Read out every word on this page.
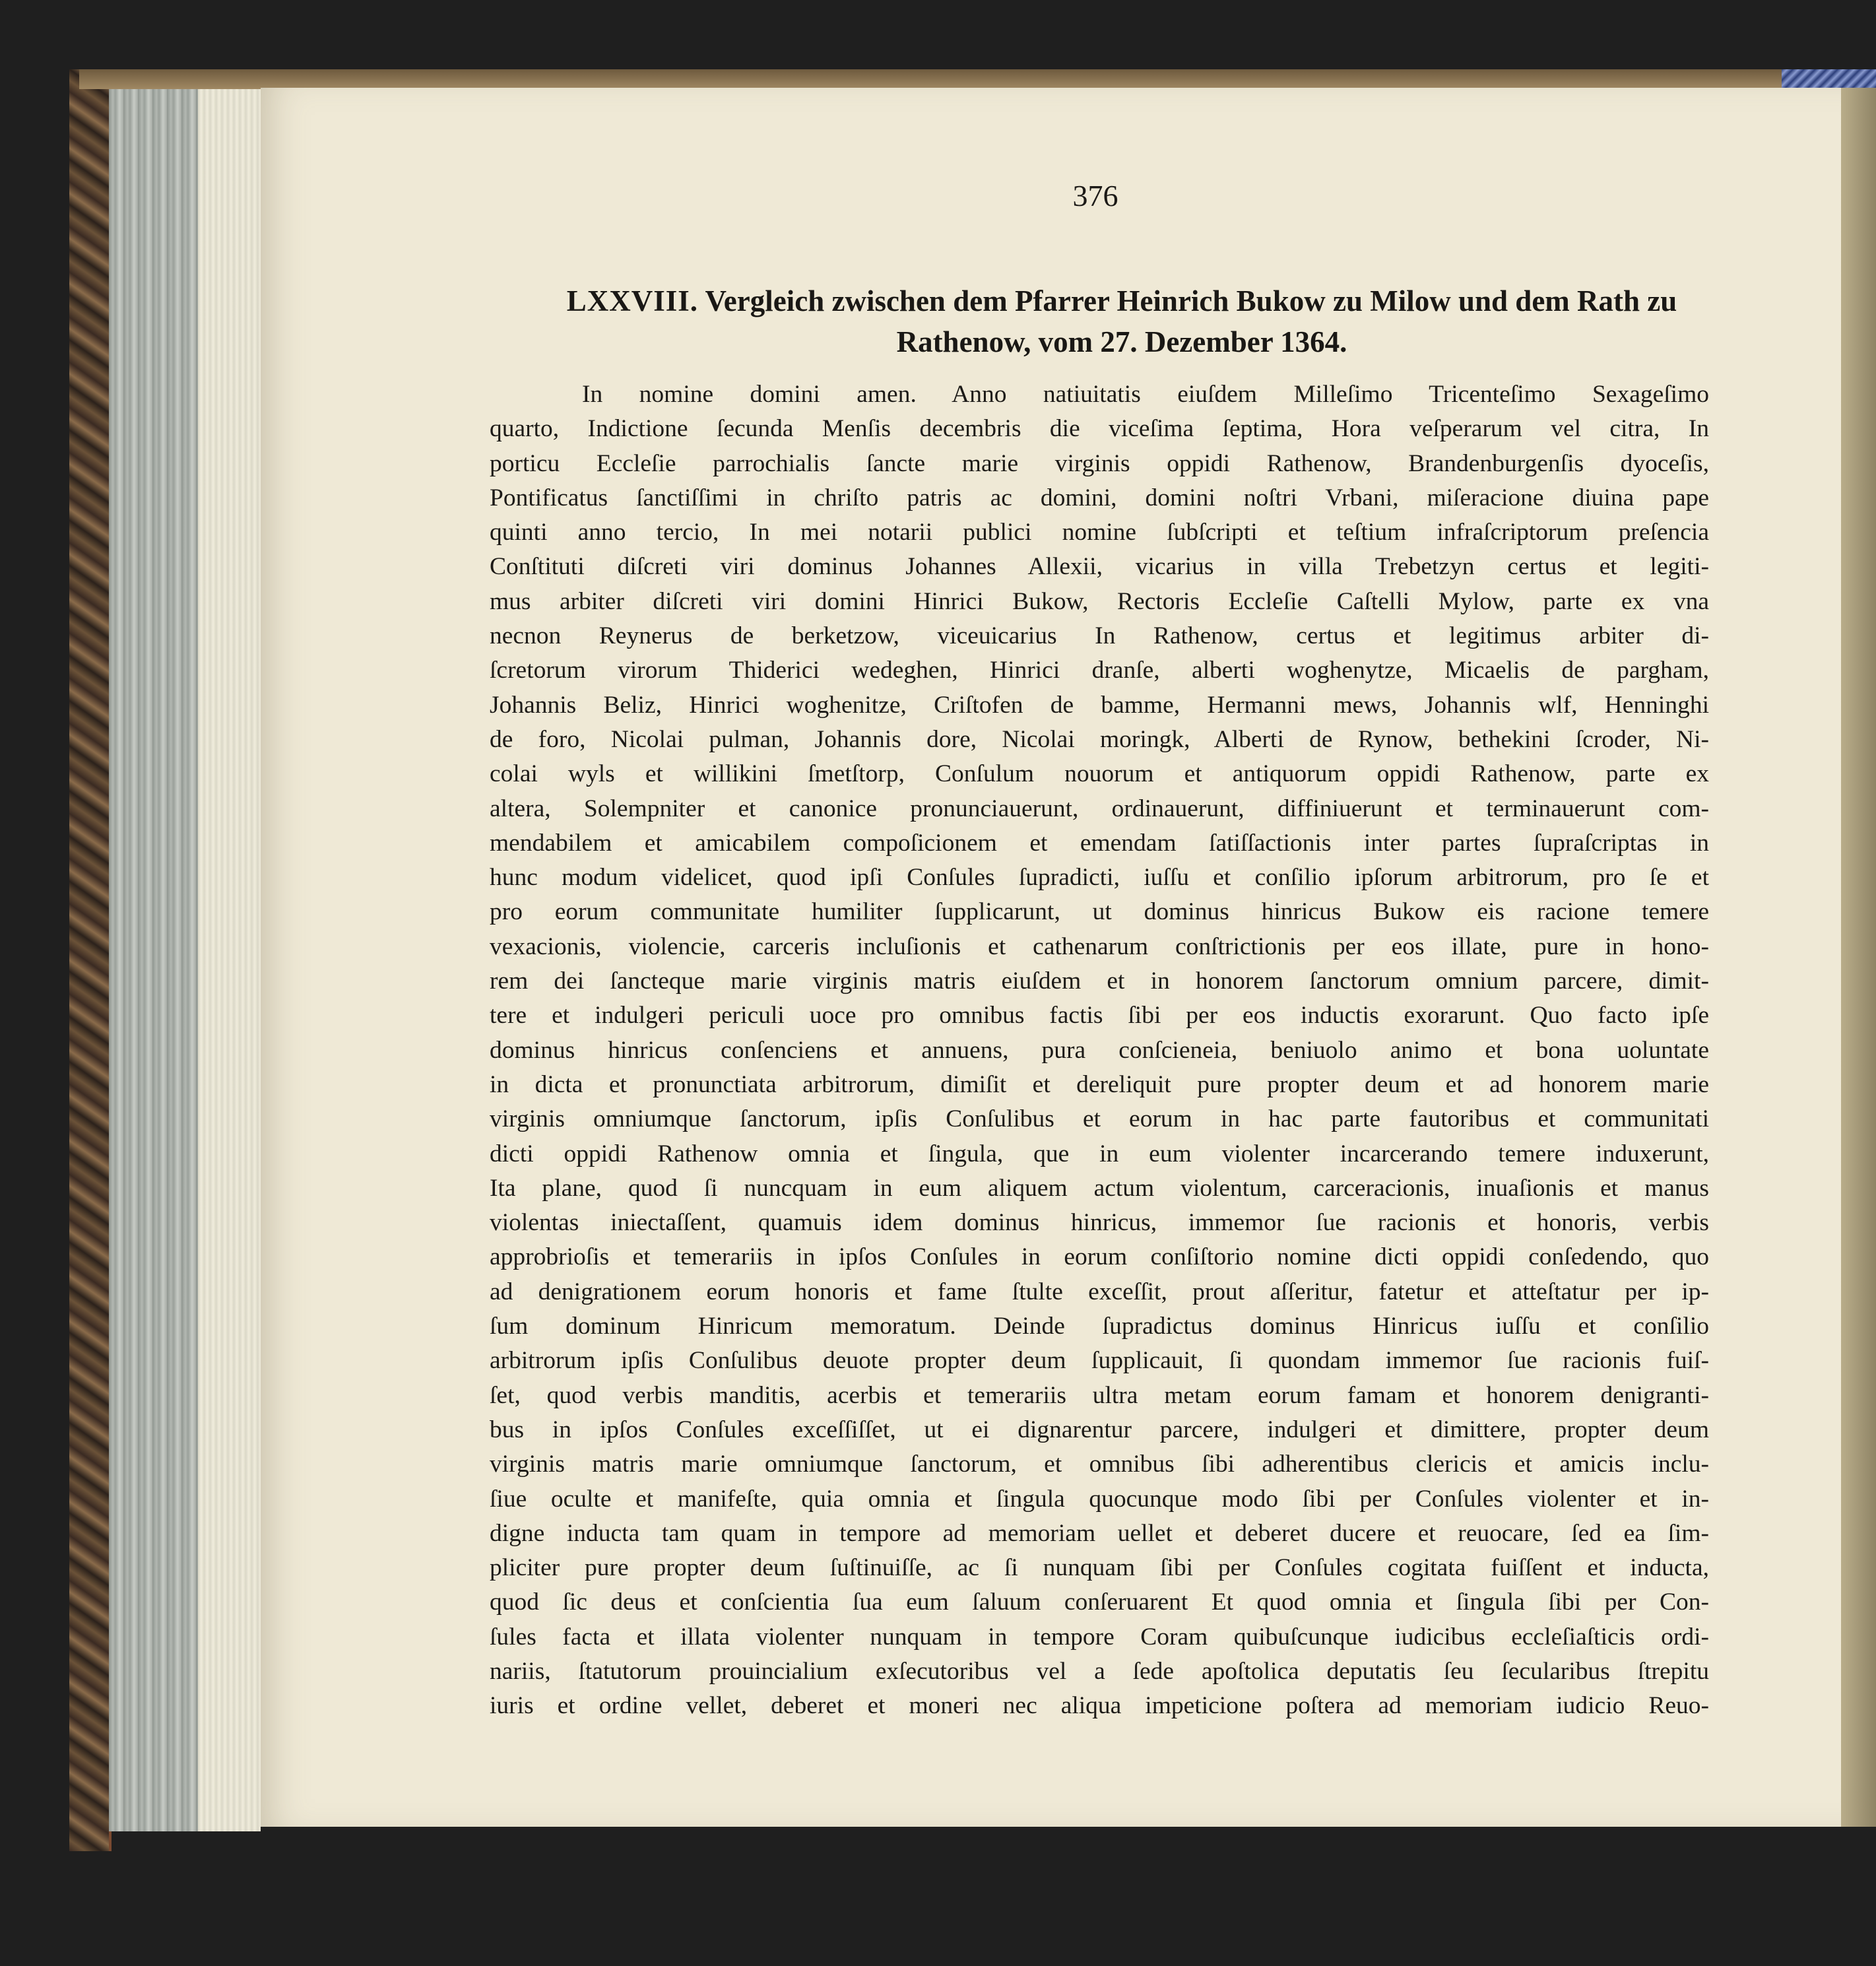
376
LXXVIII. Vergleich zwischen dem Pfarrer Heinrich Bukow zu Milow und dem Rath zu
Rathenow, vom 27. Dezember 1364.
In nomine domini amen. Anno natiuitatis eiuſdem Milleſimo Tricenteſimo Sexageſimo
quarto, Indictione ſecunda Menſis decembris die viceſima ſeptima, Hora veſperarum vel citra, In
porticu Eccleſie parrochialis ſancte marie virginis oppidi Rathenow, Brandenburgenſis dyoceſis,
Pontificatus ſanctiſſimi in chriſto patris ac domini, domini noſtri Vrbani, miſeracione diuina pape
quinti anno tercio, In mei notarii publici nomine ſubſcripti et teſtium infraſcriptorum preſencia
Conſtituti diſcreti viri dominus Johannes Allexii, vicarius in villa Trebetzyn certus et legiti-
mus arbiter diſcreti viri domini Hinrici Bukow, Rectoris Eccleſie Caſtelli Mylow, parte ex vna
necnon Reynerus de berketzow, viceuicarius In Rathenow, certus et legitimus arbiter di-
ſcretorum virorum Thiderici wedeghen, Hinrici dranſe, alberti woghenytze, Micaelis de pargham,
Johannis Beliz, Hinrici woghenitze, Criſtofen de bamme, Hermanni mews, Johannis wlf, Henninghi
de foro, Nicolai pulman, Johannis dore, Nicolai moringk, Alberti de Rynow, bethekini ſcroder, Ni-
colai wyls et willikini ſmetſtorp, Conſulum nouorum et antiquorum oppidi Rathenow, parte ex
altera, Solempniter et canonice pronunciauerunt, ordinauerunt, diffiniuerunt et terminauerunt com-
mendabilem et amicabilem compoſicionem et emendam ſatiſſactionis inter partes ſupraſcriptas in
hunc modum videlicet, quod ipſi Conſules ſupradicti, iuſſu et conſilio ipſorum arbitrorum, pro ſe et
pro eorum communitate humiliter ſupplicarunt, ut dominus hinricus Bukow eis racione temere
vexacionis, violencie, carceris incluſionis et cathenarum conſtrictionis per eos illate, pure in hono-
rem dei ſancteque marie virginis matris eiuſdem et in honorem ſanctorum omnium parcere, dimit-
tere et indulgeri periculi uoce pro omnibus factis ſibi per eos inductis exorarunt. Quo facto ipſe
dominus hinricus conſenciens et annuens, pura conſcieneia, beniuolo animo et bona uoluntate
in dicta et pronunctiata arbitrorum, dimiſit et dereliquit pure propter deum et ad honorem marie
virginis omniumque ſanctorum, ipſis Conſulibus et eorum in hac parte fautoribus et communitati
dicti oppidi Rathenow omnia et ſingula, que in eum violenter incarcerando temere induxerunt,
Ita plane, quod ſi nuncquam in eum aliquem actum violentum, carceracionis, inuaſionis et manus
violentas iniectaſſent, quamuis idem dominus hinricus, immemor ſue racionis et honoris, verbis
approbrioſis et temerariis in ipſos Conſules in eorum conſiſtorio nomine dicti oppidi conſedendo, quo
ad denigrationem eorum honoris et fame ſtulte exceſſit, prout aſſeritur, fatetur et atteſtatur per ip-
ſum dominum Hinricum memoratum. Deinde ſupradictus dominus Hinricus iuſſu et conſilio
arbitrorum ipſis Conſulibus deuote propter deum ſupplicauit, ſi quondam immemor ſue racionis fuiſ-
ſet, quod verbis manditis, acerbis et temerariis ultra metam eorum famam et honorem denigranti-
bus in ipſos Conſules exceſſiſſet, ut ei dignarentur parcere, indulgeri et dimittere, propter deum
virginis matris marie omniumque ſanctorum, et omnibus ſibi adherentibus clericis et amicis inclu-
ſiue oculte et manifeſte, quia omnia et ſingula quocunque modo ſibi per Conſules violenter et in-
digne inducta tam quam in tempore ad memoriam uellet et deberet ducere et reuocare, ſed ea ſim-
pliciter pure propter deum ſuſtinuiſſe, ac ſi nunquam ſibi per Conſules cogitata fuiſſent et inducta,
quod ſic deus et conſcientia ſua eum ſaluum conſeruarent Et quod omnia et ſingula ſibi per Con-
ſules facta et illata violenter nunquam in tempore Coram quibuſcunque iudicibus eccleſiaſticis ordi-
nariis, ſtatutorum prouincialium exſecutoribus vel a ſede apoſtolica deputatis ſeu ſecularibus ſtrepitu
iuris et ordine vellet, deberet et moneri nec aliqua impeticione poſtera ad memoriam iudicio Reuo-
